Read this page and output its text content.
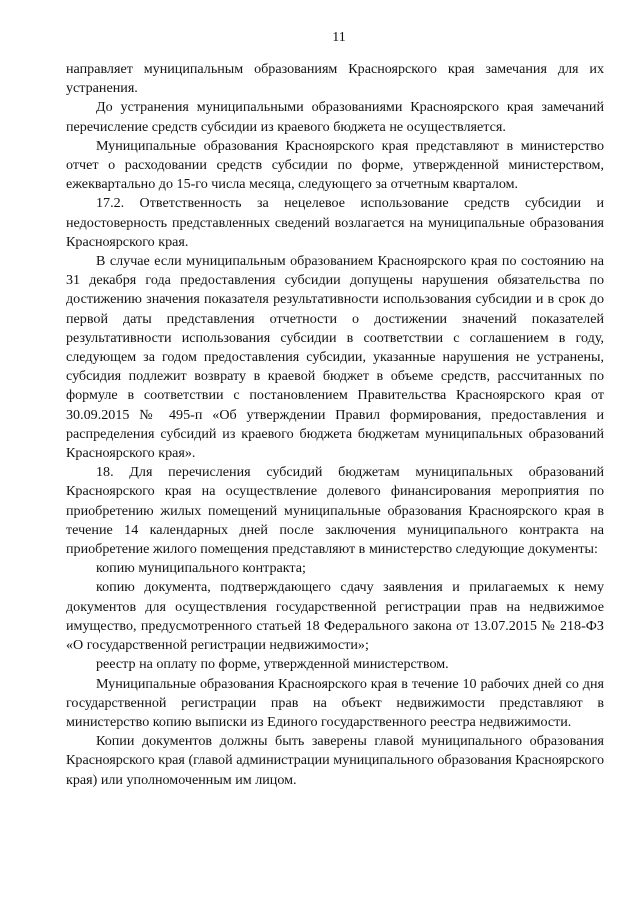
11

направляет муниципальным образованиям Красноярского края замечания для их устранения.

До устранения муниципальными образованиями Красноярского края замечаний перечисление средств субсидии из краевого бюджета не осуществляется.

Муниципальные образования Красноярского края представляют в министерство отчет о расходовании средств субсидии по форме, утвержденной министерством, ежеквартально до 15-го числа месяца, следующего за отчетным кварталом.

17.2. Ответственность за нецелевое использование средств субсидии и недостоверность представленных сведений возлагается на муниципальные образования Красноярского края.

В случае если муниципальным образованием Красноярского края по состоянию на 31 декабря года предоставления субсидии допущены нарушения обязательства по достижению значения показателя результативности использования субсидии и в срок до первой даты представления отчетности о достижении значений показателей результативности использования субсидии в соответствии с соглашением в году, следующем за годом предоставления субсидии, указанные нарушения не устранены, субсидия подлежит возврату в краевой бюджет в объеме средств, рассчитанных по формуле в соответствии с постановлением Правительства Красноярского края от 30.09.2015 № 495-п «Об утверждении Правил формирования, предоставления и распределения субсидий из краевого бюджета бюджетам муниципальных образований Красноярского края».

18. Для перечисления субсидий бюджетам муниципальных образований Красноярского края на осуществление долевого финансирования мероприятия по приобретению жилых помещений муниципальные образования Красноярского края в течение 14 календарных дней после заключения муниципального контракта на приобретение жилого помещения представляют в министерство следующие документы:

копию муниципального контракта;

копию документа, подтверждающего сдачу заявления и прилагаемых к нему документов для осуществления государственной регистрации прав на недвижимое имущество, предусмотренного статьей 18 Федерального закона от 13.07.2015 № 218-ФЗ «О государственной регистрации недвижимости»;

реестр на оплату по форме, утвержденной министерством.

Муниципальные образования Красноярского края в течение 10 рабочих дней со дня государственной регистрации прав на объект недвижимости представляют в министерство копию выписки из Единого государственного реестра недвижимости.

Копии документов должны быть заверены главой муниципального образования Красноярского края (главой администрации муниципального образования Красноярского края) или уполномоченным им лицом.
